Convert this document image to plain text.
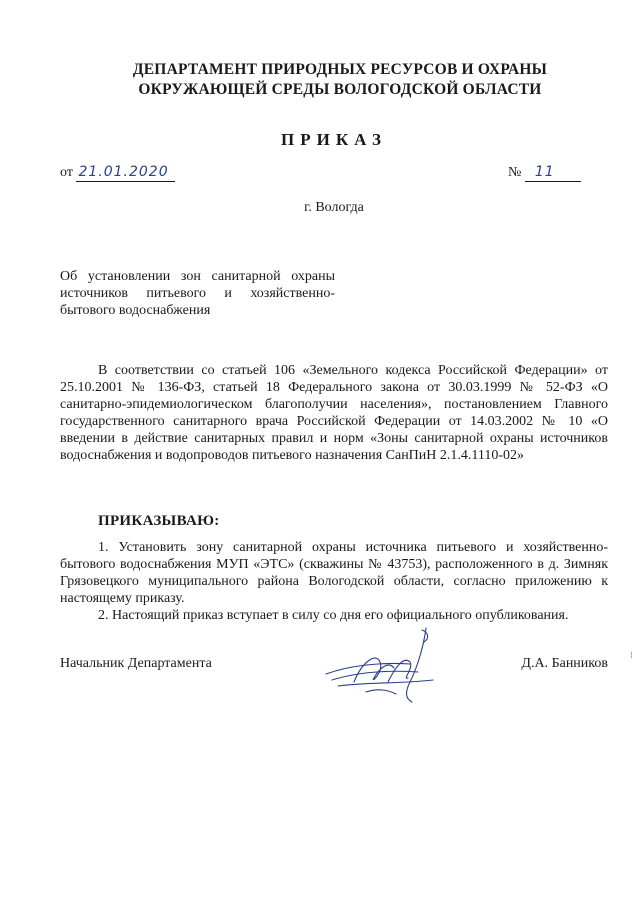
ДЕПАРТАМЕНТ ПРИРОДНЫХ РЕСУРСОВ И ОХРАНЫ
ОКРУЖАЮЩЕЙ СРЕДЫ ВОЛОГОДСКОЙ ОБЛАСТИ
ПРИКАЗ
от 21.01.2020	№ 11
г. Вологда
Об установлении зон санитарной охраны источников питьевого и хозяйственно-бытового водоснабжения

В соответствии со статьей 106 «Земельного кодекса Российской Федерации» от 25.10.2001 № 136-ФЗ, статьей 18 Федерального закона от 30.03.1999 № 52-ФЗ «О санитарно-эпидемиологическом благополучии населения», постановлением Главного государственного санитарного врача Российской Федерации от 14.03.2002 № 10 «О введении в действие санитарных правил и норм «Зоны санитарной охраны источников водоснабжения и водопроводов питьевого назначения СанПиН 2.1.4.1110-02»

ПРИКАЗЫВАЮ:

1. Установить зону санитарной охраны источника питьевого и хозяйственно-бытового водоснабжения МУП «ЭТС» (скважины № 43753), расположенного в д. Зимняк Грязовецкого муниципального района Вологодской области, согласно приложению к настоящему приказу.

2. Настоящий приказ вступает в силу со дня его официального опубликования.

Начальник Департамента	Д.А. Банников
⁝
